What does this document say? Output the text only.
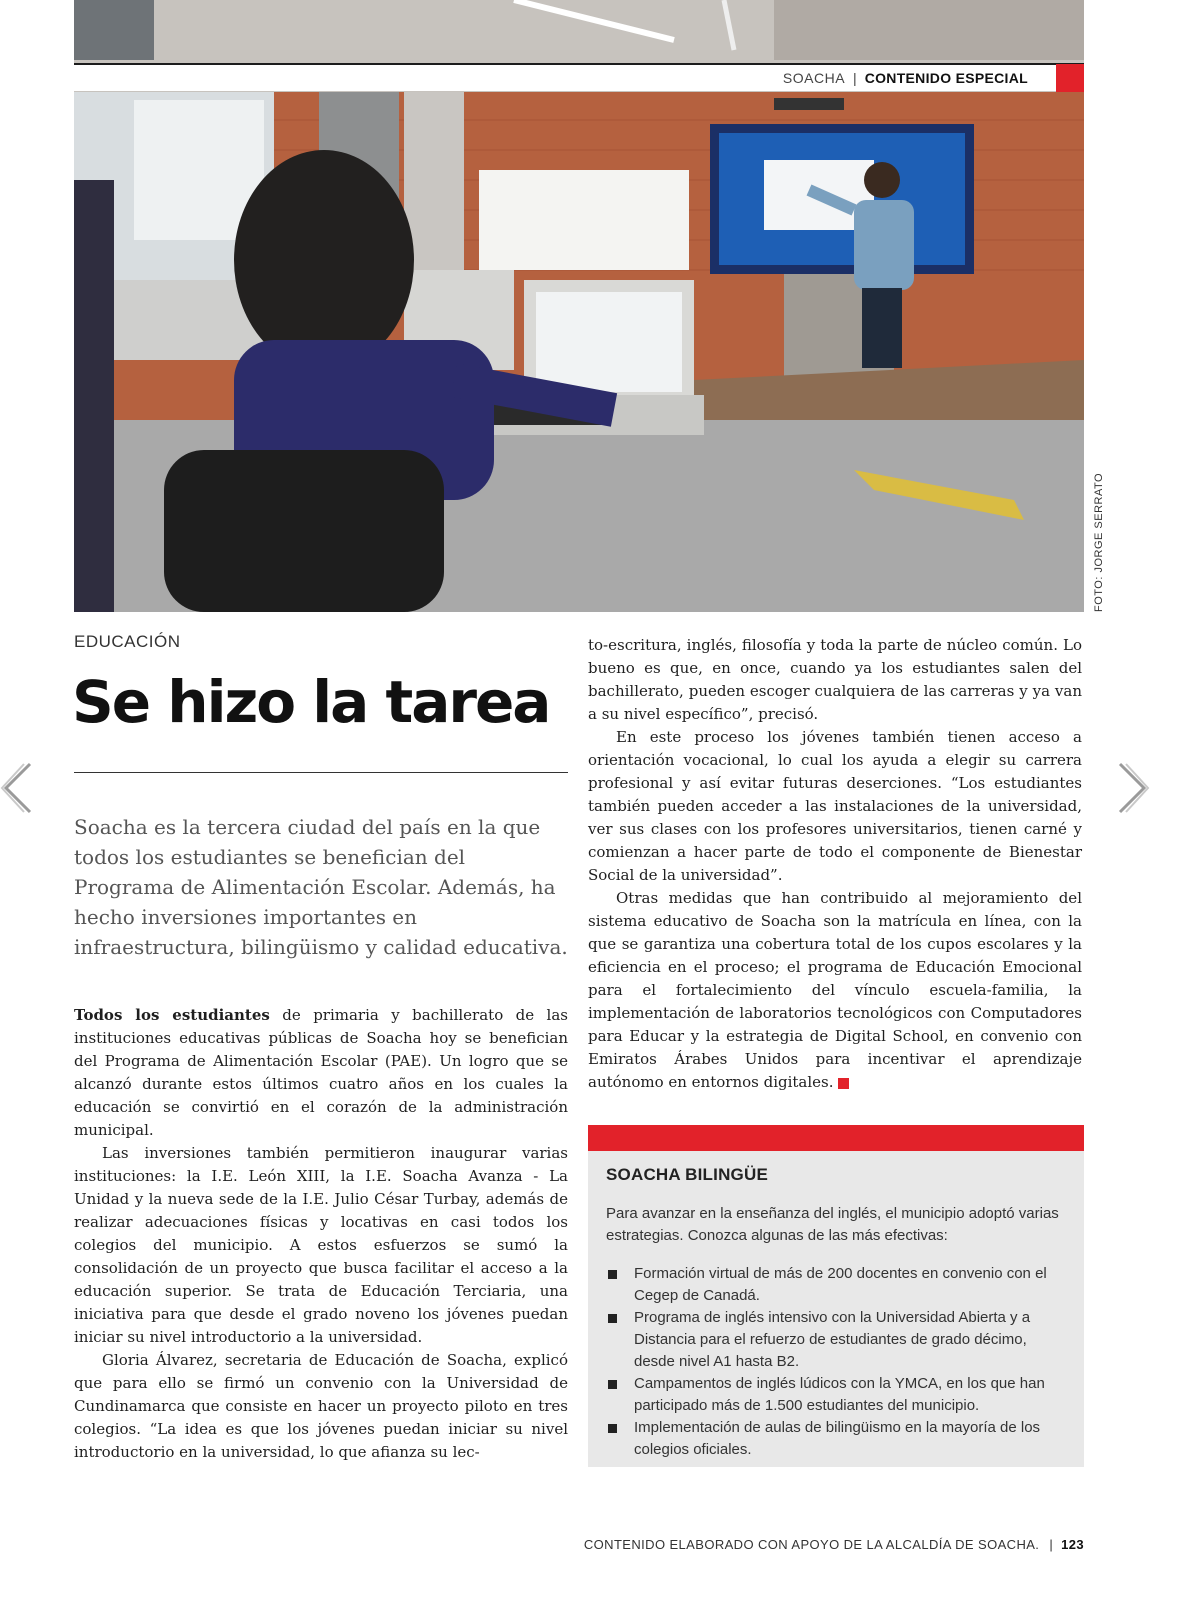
FOTO: JORGE SERRATO
SOACHA | CONTENIDO ESPECIAL
EDUCACIÓN
Se hizo la tarea

Soacha es la tercera ciudad del país en la que todos los estudiantes se benefician del Programa de Alimentación Escolar. Además, ha hecho inversiones importantes en infraestructura, bilingüismo y calidad educativa.

Todos los estudiantes de primaria y bachillerato de las instituciones educativas públicas de Soacha hoy se benefician del Programa de Alimentación Escolar (PAE). Un logro que se alcanzó durante estos últimos cuatro años en los cuales la educación se convirtió en el corazón de la administración municipal.

Las inversiones también permitieron inaugurar varias instituciones: la I.E. León XIII, la I.E. Soacha Avanza - La Unidad y la nueva sede de la I.E. Julio César Turbay, además de realizar adecuaciones físicas y locativas en casi todos los colegios del municipio. A estos esfuerzos se sumó la consolidación de un proyecto que busca facilitar el acceso a la educación superior. Se trata de Educación Terciaria, una iniciativa para que desde el grado noveno los jóvenes puedan iniciar su nivel introductorio a la universidad.

Gloria Álvarez, secretaria de Educación de Soacha, explicó que para ello se firmó un convenio con la Universidad de Cundinamarca que consiste en hacer un proyecto piloto en tres colegios. “La idea es que los jóvenes puedan iniciar su nivel introductorio en la universidad, lo que afianza su lec-

to-escritura, inglés, filosofía y toda la parte de núcleo común. Lo bueno es que, en once, cuando ya los estudiantes salen del bachillerato, pueden escoger cualquiera de las carreras y ya van a su nivel específico”, precisó.

En este proceso los jóvenes también tienen acceso a orientación vocacional, lo cual los ayuda a elegir su carrera profesional y así evitar futuras deserciones. “Los estudiantes también pueden acceder a las instalaciones de la universidad, ver sus clases con los profesores universitarios, tienen carné y comienzan a hacer parte de todo el componente de Bienestar Social de la universidad”.

Otras medidas que han contribuido al mejoramiento del sistema educativo de Soacha son la matrícula en línea, con la que se garantiza una cobertura total de los cupos escolares y la eficiencia en el proceso; el programa de Educación Emocional para el fortalecimiento del vínculo escuela-familia, la implementación de laboratorios tecnológicos con Computadores para Educar y la estrategia de Digital School, en convenio con Emiratos Árabes Unidos para incentivar el aprendizaje autónomo en entornos digitales.

SOACHA BILINGÜE

Para avanzar en la enseñanza del inglés, el municipio adoptó varias estrategias. Conozca algunas de las más efectivas:

Formación virtual de más de 200 docentes en convenio con el Cegep de Canadá.
Programa de inglés intensivo con la Universidad Abierta y a Distancia para el refuerzo de estudiantes de grado décimo, desde nivel A1 hasta B2.
Campamentos de inglés lúdicos con la YMCA, en los que han participado más de 1.500 estudiantes del municipio.
Implementación de aulas de bilingüismo en la mayoría de los colegios oficiales.
CONTENIDO ELABORADO CON APOYO DE LA ALCALDÍA DE SOACHA. | 123
